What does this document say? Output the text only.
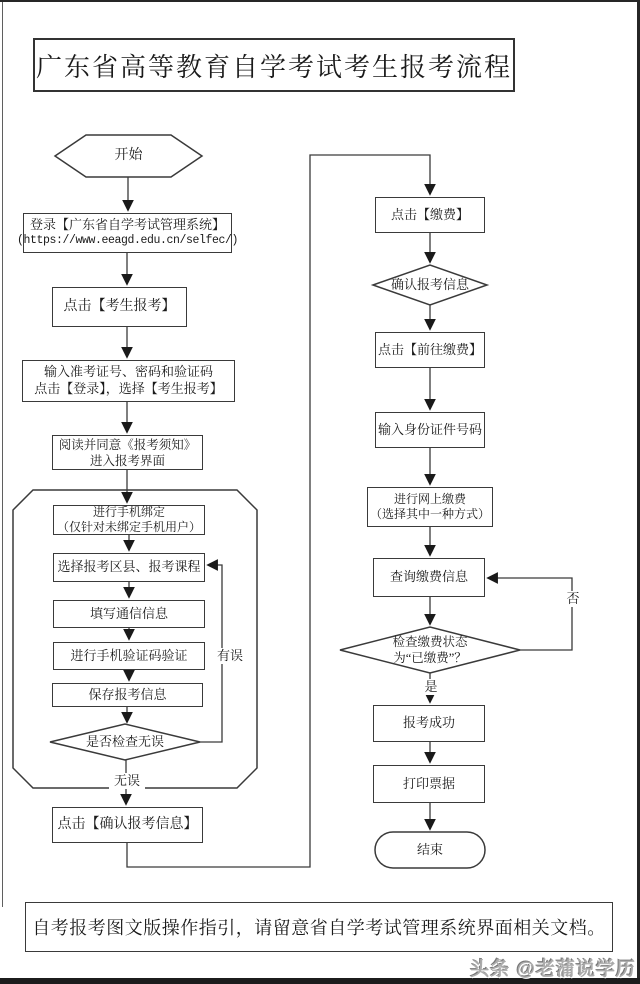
广东省高等教育自学考试考生报考流程
开始
登录【广东省自学考试管理系统】
(https://www.eeagd.edu.cn/selfec/)
点击【考生报考】
输入准考证号、密码和验证码
点击【登录】，选择【考生报考】
阅读并同意《报考须知》
进入报考界面
进行手机绑定
（仅针对未绑定手机用户）
选择报考区县、报考课程
填写通信信息
进行手机验证码验证
保存报考信息
是否检查无误
点击【确认报考信息】
点击【缴费】
确认报考信息
点击【前往缴费】
输入身份证件号码
进行网上缴费
（选择其中一种方式）
查询缴费信息
检查缴费状态
为“已缴费”？
报考成功
打印票据
结束
有误
无误
否
是
自考报考图文版操作指引，请留意省自学考试管理系统界面相关文档。
头条 @老蒲说学历
